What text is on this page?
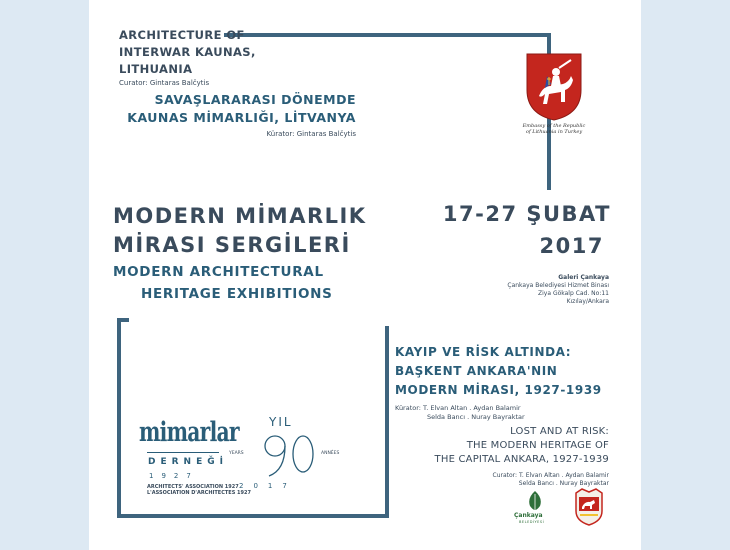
ARCHITECTURE OF
INTERWAR KAUNAS,
LITHUANIA
Curator: Gintaras Balčytis
SAVAŞLARARASI DÖNEMDE
KAUNAS MİMARLIĞI, LİTVANYA
Kürator: Gintaras Balčytis
Embassy of the Republic
of Lithuania in Turkey
MODERN MİMARLIK
MİRASI SERGİLERİ
MODERN ARCHITECTURAL
HERITAGE EXHIBITIONS
17-27 ŞUBAT
2017
Galeri Çankaya
Çankaya Belediyesi Hizmet Binası
Ziya Gökalp Cad. No:11
Kızılay/Ankara
KAYIP VE RİSK ALTINDA:
BAŞKENT ANKARA'NIN
MODERN MİRASI, 1927-1939
Kürator: T. Elvan Altan . Aydan Balamir
Selda Bancı . Nuray Bayraktar
LOST AND AT RISK:
THE MODERN HERITAGE OF
THE CAPITAL ANKARA, 1927-1939
Curator: T. Elvan Altan . Aydan Balamir
Selda Bancı . Nuray Bayraktar
mimarlar
DERNEĞİ
1927
ARCHITECTS' ASSOCIATION 1927
L'ASSOCIATION D'ARCHITECTES 1927
YIL
YEARS	ANNÉES
2017
Çankaya
BELEDİYESİ
